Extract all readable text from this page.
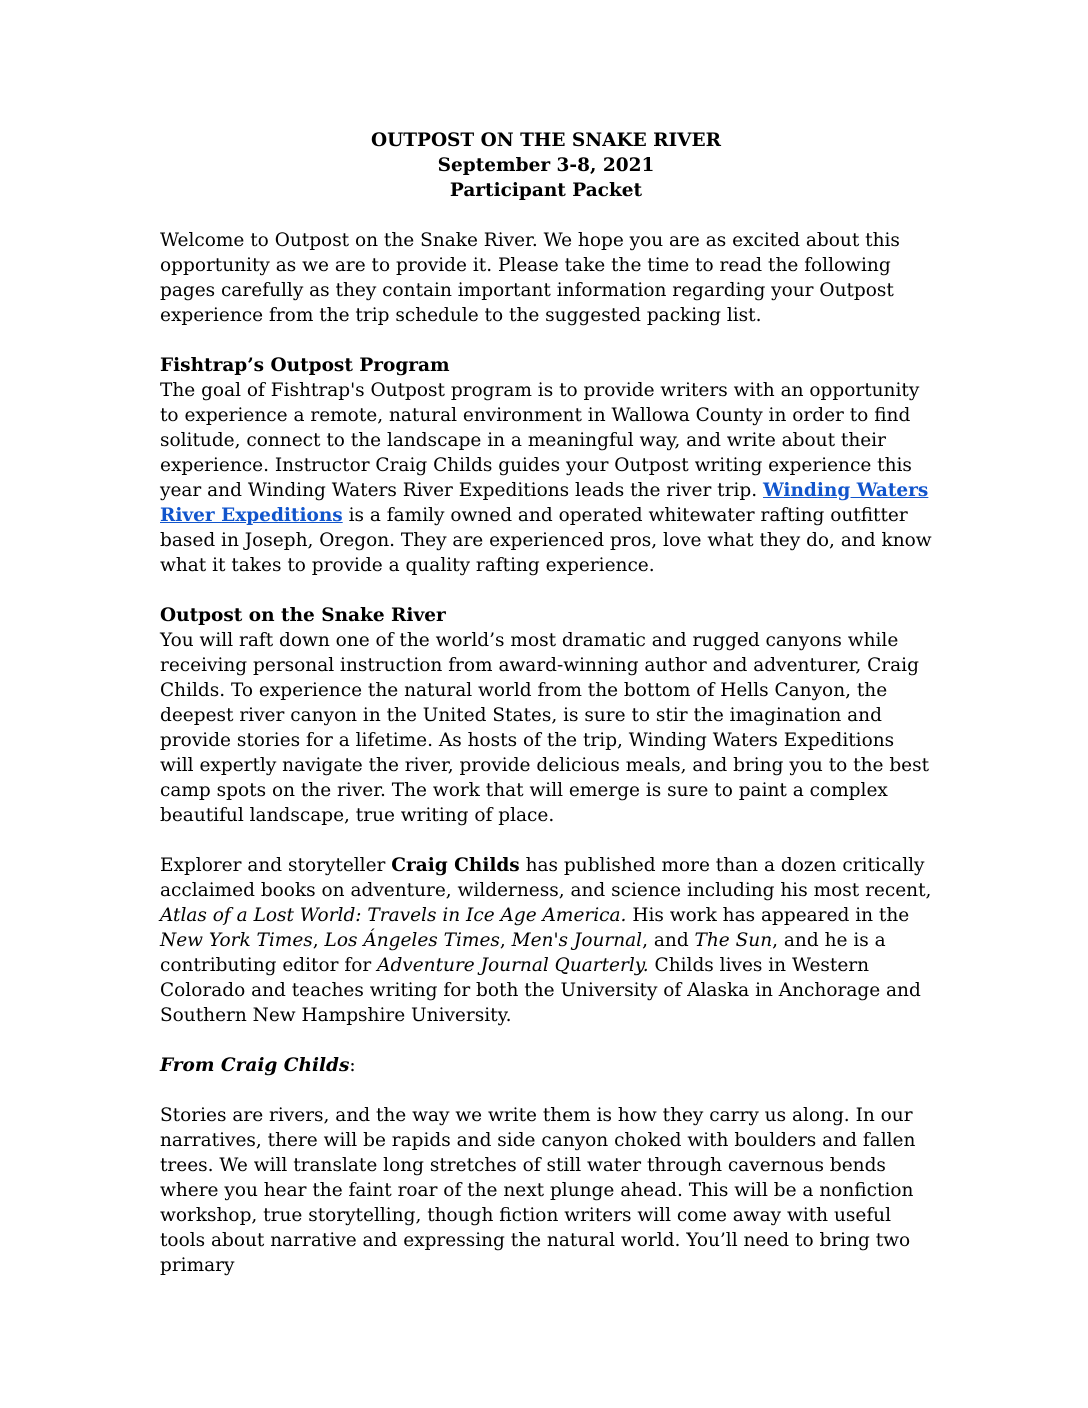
OUTPOST ON THE SNAKE RIVER
September 3-8, 2021
Participant Packet

Welcome to Outpost on the Snake River. We hope you are as excited about this opportunity as we are to provide it. Please take the time to read the following pages carefully as they contain important information regarding your Outpost experience from the trip schedule to the suggested packing list.

Fishtrap’s Outpost Program
The goal of Fishtrap's Outpost program is to provide writers with an opportunity to experience a remote, natural environment in Wallowa County in order to find solitude, connect to the landscape in a meaningful way, and write about their experience. Instructor Craig Childs guides your Outpost writing experience this year and Winding Waters River Expeditions leads the river trip. Winding Waters River Expeditions is a family owned and operated whitewater rafting outfitter based in Joseph, Oregon. They are experienced pros, love what they do, and know what it takes to provide a quality rafting experience.

Outpost on the Snake River
You will raft down one of the world’s most dramatic and rugged canyons while receiving personal instruction from award-winning author and adventurer, Craig Childs. To experience the natural world from the bottom of Hells Canyon, the deepest river canyon in the United States, is sure to stir the imagination and provide stories for a lifetime. As hosts of the trip, Winding Waters Expeditions will expertly navigate the river, provide delicious meals, and bring you to the best camp spots on the river. The work that will emerge is sure to paint a complex beautiful landscape, true writing of place.

Explorer and storyteller Craig Childs has published more than a dozen critically acclaimed books on adventure, wilderness, and science including his most recent, Atlas of a Lost World: Travels in Ice Age America. His work has appeared in the New York Times, Los Ángeles Times, Men's Journal, and The Sun, and he is a contributing editor for Adventure Journal Quarterly. Childs lives in Western Colorado and teaches writing for both the University of Alaska in Anchorage and Southern New Hampshire University.

From Craig Childs:

Stories are rivers, and the way we write them is how they carry us along. In our narratives, there will be rapids and side canyon choked with boulders and fallen trees. We will translate long stretches of still water through cavernous bends where you hear the faint roar of the next plunge ahead. This will be a nonfiction workshop, true storytelling, though fiction writers will come away with useful tools about narrative and expressing the natural world. You’ll need to bring two primary
